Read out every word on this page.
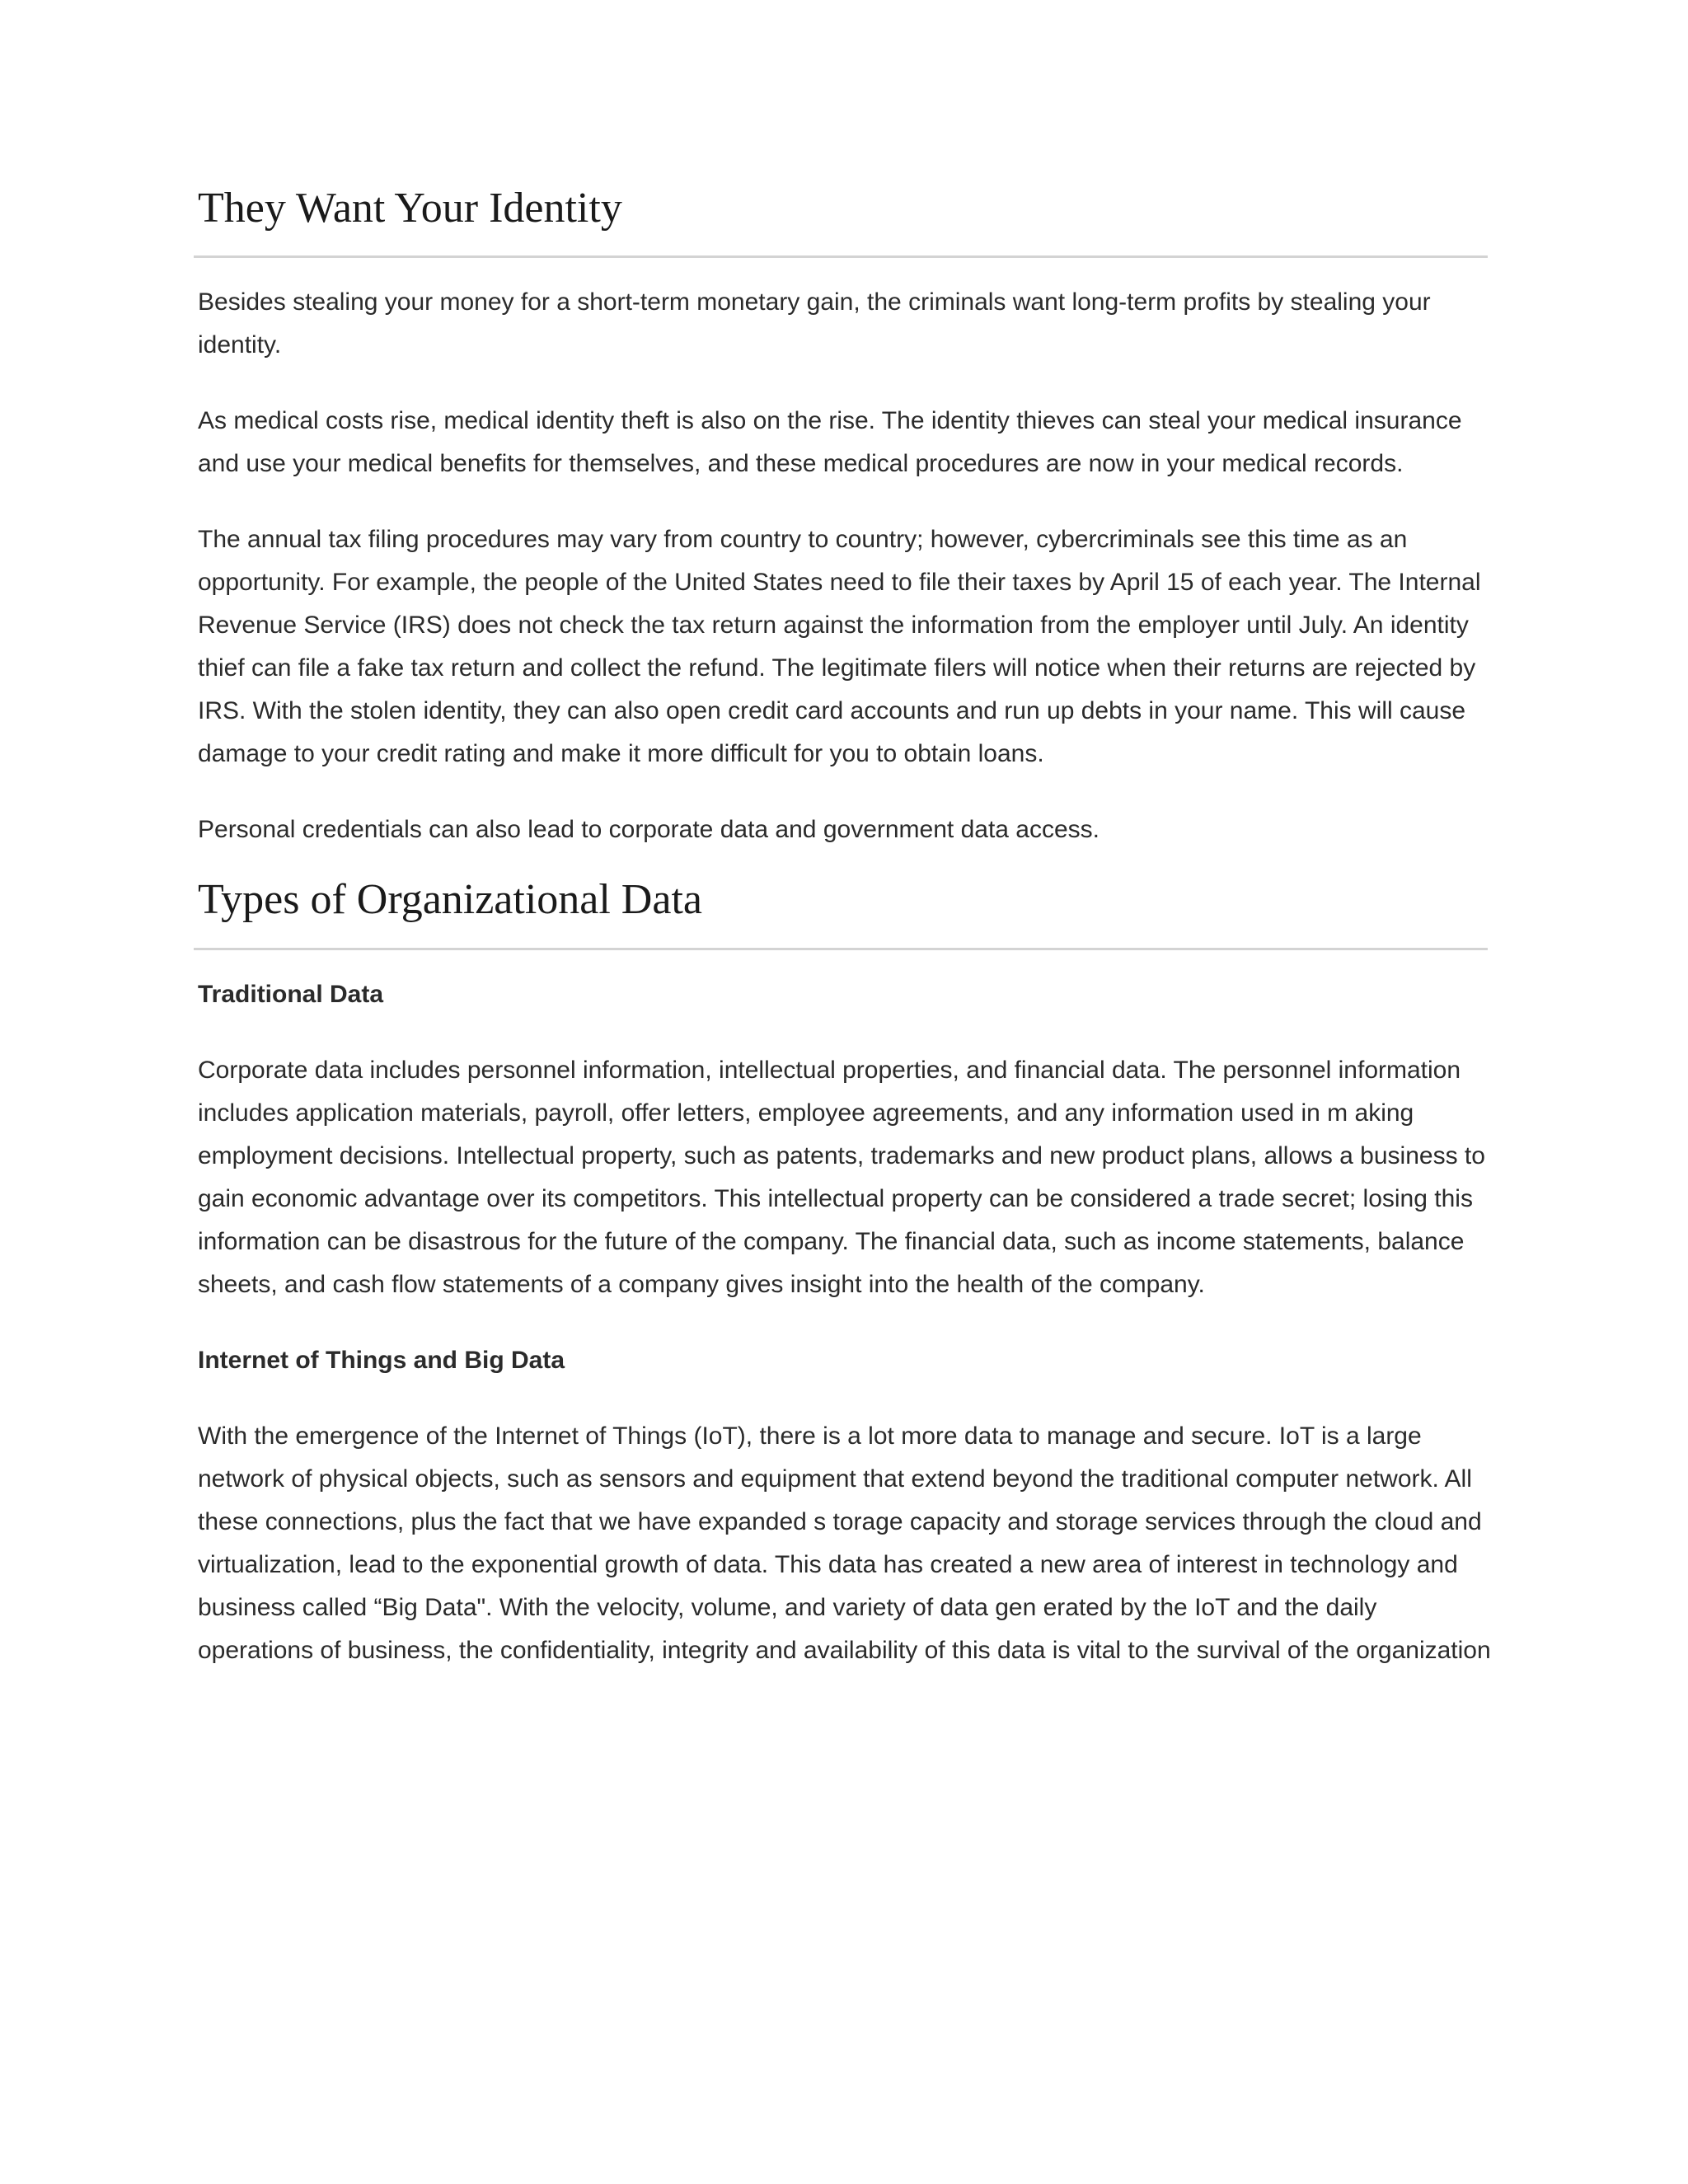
They Want Your Identity

Besides stealing your money for a short-term monetary gain, the criminals want long-term profits by stealing your identity.

As medical costs rise, medical identity theft is also on the rise. The identity thieves can steal your medical insurance and use your medical benefits for themselves, and these medical procedures are now in your medical records.

The annual tax filing procedures may vary from country to country; however, cybercriminals see this time as an opportunity. For example, the people of the United States need to file their taxes by April 15 of each year. The Internal Revenue Service (IRS) does not check the tax return against the information from the employer until July. An identity thief can file a fake tax return and collect the refund. The legitimate filers will notice when their returns are rejected by IRS. With the stolen identity, they can also open credit card accounts and run up debts in your name. This will cause damage to your credit rating and make it more difficult for you to obtain loans.

Personal credentials can also lead to corporate data and government data access.

Types of Organizational Data
Traditional Data

Corporate data includes personnel information, intellectual properties, and financial data. The personnel information includes application materials, payroll, offer letters, employee agreements, and any information used in m aking employment decisions. Intellectual property, such as patents, trademarks and new product plans, allows a business to gain economic advantage over its competitors. This intellectual property can be considered a trade secret; losing this information can be disastrous for the future of the company. The financial data, such as income statements, balance sheets, and cash flow statements of a company gives insight into the health of the company.

Internet of Things and Big Data

With the emergence of the Internet of Things (IoT), there is a lot more data to manage and secure. IoT is a large network of physical objects, such as sensors and equipment that extend beyond the traditional computer network. All these connections, plus the fact that we have expanded s torage capacity and storage services through the cloud and virtualization, lead to the exponential growth of data. This data has created a new area of interest in technology and business called “Big Data". With the velocity, volume, and variety of data gen erated by the IoT and the daily operations of business, the confidentiality, integrity and availability of this data is vital to the survival of the organization
